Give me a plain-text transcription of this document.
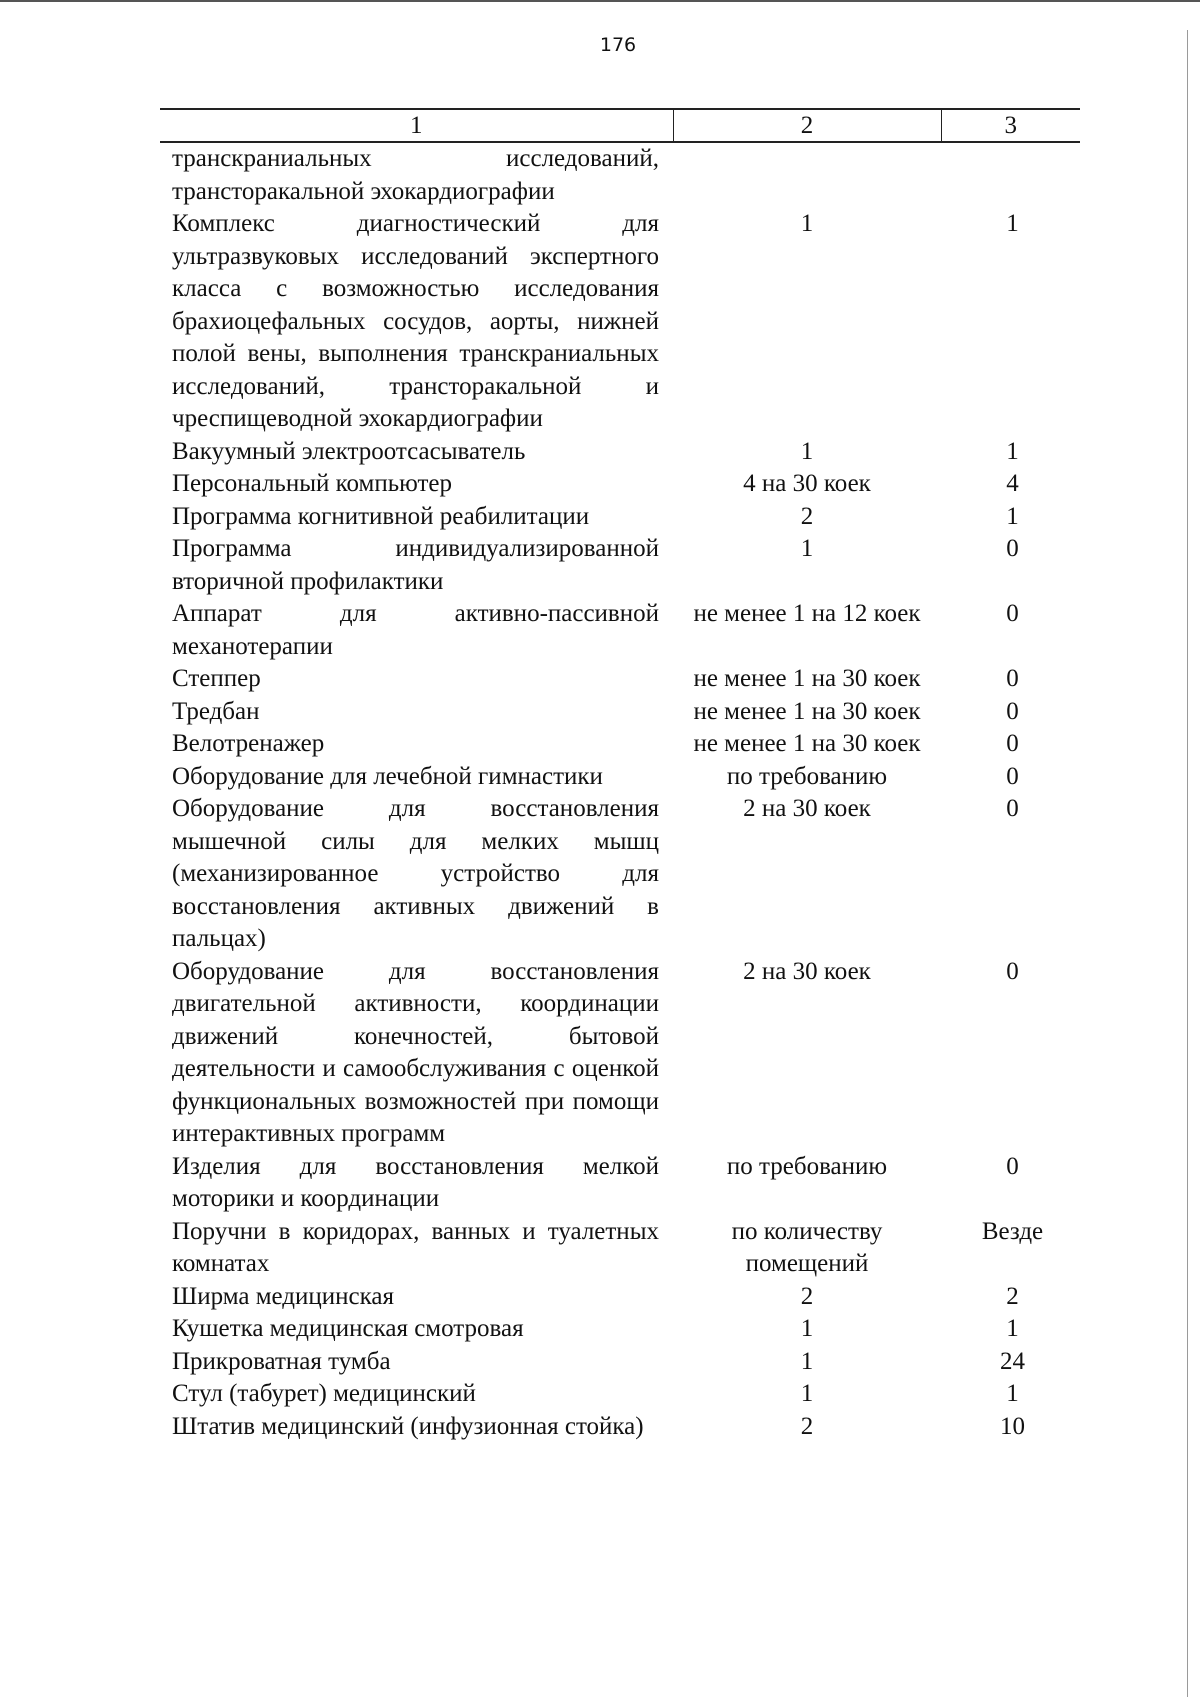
176
1	2	3
транскраниальных исследований, трансторакальной эхокардиографии		
Комплекс диагностический для ультразвуковых исследований экспертного класса с возможностью исследования брахиоцефальных сосудов, аорты, нижней полой вены, выполнения транскраниальных исследований, трансторакальной и чреспищеводной эхокардиографии	1	1
Вакуумный электроотсасыватель	1	1
Персональный компьютер	4 на 30 коек	4
Программа когнитивной реабилитации	2	1
Программа индивидуализированной вторичной профилактики	1	0
Аппарат для активно-пассивной механотерапии	не менее 1 на 12 коек	0
Степпер	не менее 1 на 30 коек	0
Тредбан	не менее 1 на 30 коек	0
Велотренажер	не менее 1 на 30 коек	0
Оборудование для лечебной гимнастики	по требованию	0
Оборудование для восстановления мышечной силы для мелких мышц (механизированное устройство для восстановления активных движений в пальцах)	2 на 30 коек	0
Оборудование для восстановления двигательной активности, координации движений конечностей, бытовой деятельности и самообслуживания с оценкой функциональных возможностей при помощи интерактивных программ	2 на 30 коек	0
Изделия для восстановления мелкой моторики и координации	по требованию	0
Поручни в коридорах, ванных и туалетных комнатах	по количеству помещений	Везде
Ширма медицинская	2	2
Кушетка медицинская смотровая	1	1
Прикроватная тумба	1	24
Стул (табурет) медицинский	1	1
Штатив медицинский (инфузионная стойка)	2	10
